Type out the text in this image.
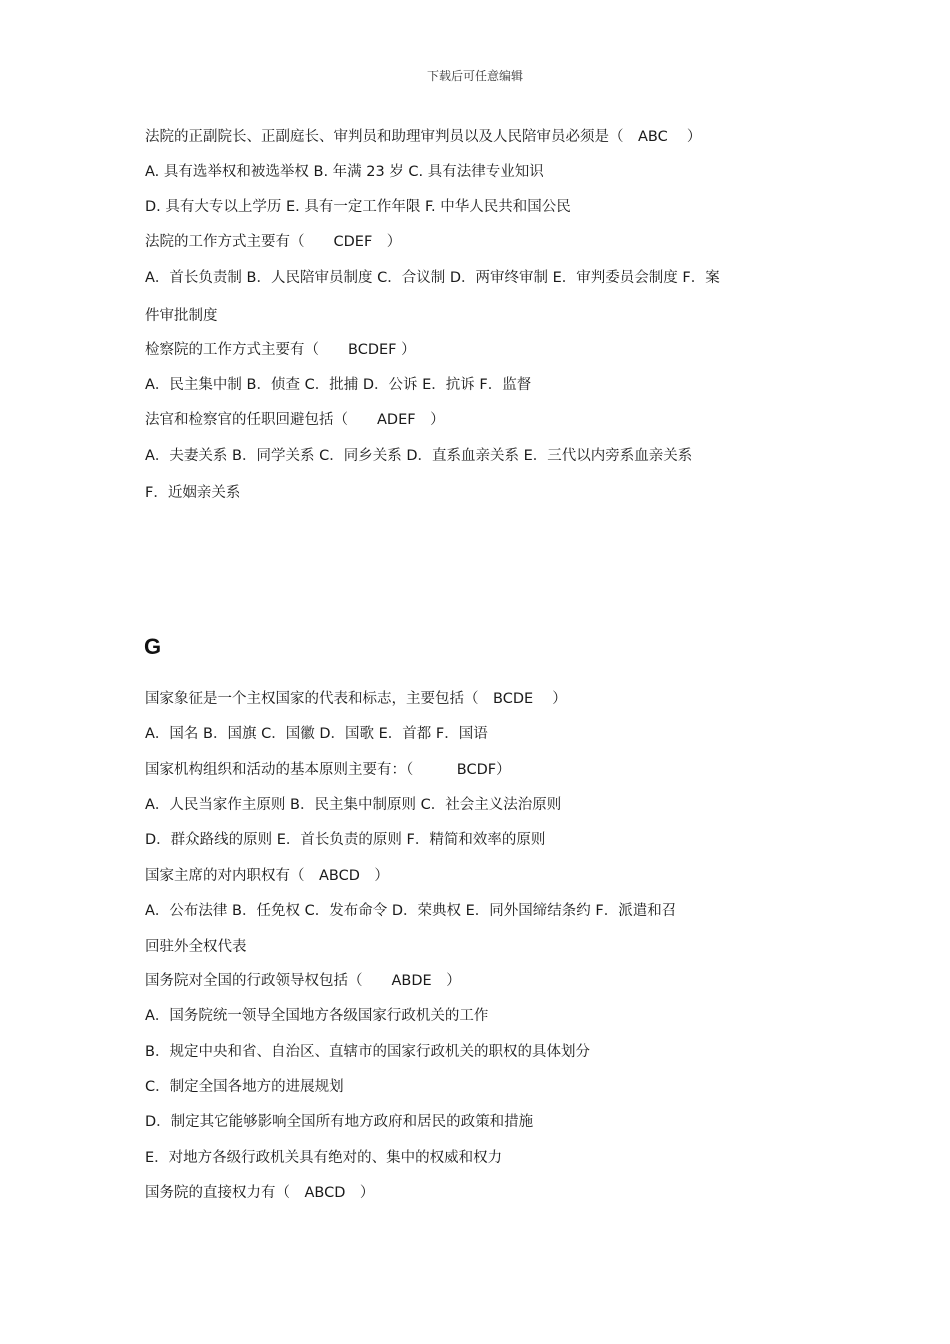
下载后可任意编辑
法院的正副院长、正副庭长、审判员和助理审判员以及人民陪审员必须是（　ABC　 ）
A. 具有选举权和被选举权 B. 年满 23 岁 C. 具有法律专业知识
D. 具有大专以上学历 E. 具有一定工作年限 F. 中华人民共和国公民
法院的工作方式主要有（　　CDEF　）
A．首长负责制 B．人民陪审员制度 C．合议制 D．两审终审制 E．审判委员会制度 F．案
件审批制度
检察院的工作方式主要有（　　BCDEF ）
A．民主集中制 B．侦查 C．批捕 D．公诉 E．抗诉 F．监督
法官和检察官的任职回避包括（　　ADEF　）
A．夫妻关系 B．同学关系 C．同乡关系 D．直系血亲关系 E．三代以内旁系血亲关系
F．近姻亲关系
G
国家象征是一个主权国家的代表和标志，主要包括（　BCDE　 ）
A．国名 B．国旗 C．国徽 D．国歌 E．首都 F．国语
国家机构组织和活动的基本原则主要有：（　　　BCDF）
A．人民当家作主原则 B．民主集中制原则 C．社会主义法治原则
D．群众路线的原则 E．首长负责的原则 F．精简和效率的原则
国家主席的对内职权有（　ABCD　）
A．公布法律 B．任免权 C．发布命令 D．荣典权 E．同外国缔结条约 F．派遣和召
回驻外全权代表
国务院对全国的行政领导权包括（　　ABDE　）
A．国务院统一领导全国地方各级国家行政机关的工作
B．规定中央和省、自治区、直辖市的国家行政机关的职权的具体划分
C．制定全国各地方的进展规划
D．制定其它能够影响全国所有地方政府和居民的政策和措施
E．对地方各级行政机关具有绝对的、集中的权威和权力
国务院的直接权力有（　ABCD　）
